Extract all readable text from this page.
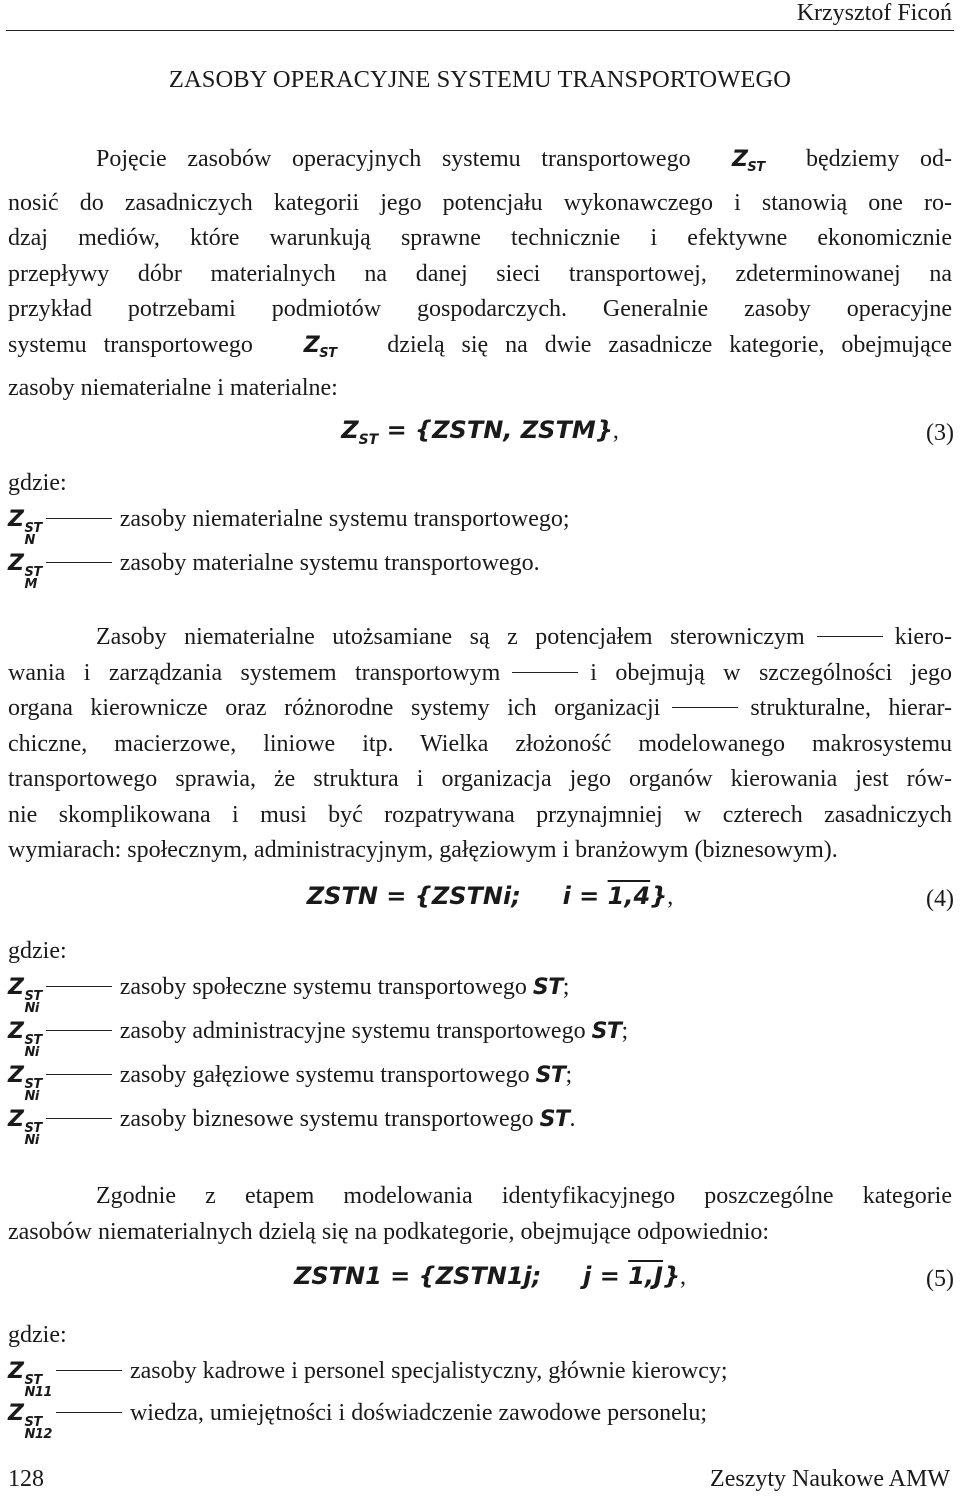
Krzysztof Ficoń
ZASOBY OPERACYJNE SYSTEMU TRANSPORTOWEGO
Pojęcie zasobów operacyjnych systemu transportowego $Z_{ST}$ będziemy od-
nosić do zasadniczych kategorii jego potencjału wykonawczego i stanowią one ro-
dzaj mediów, które warunkują sprawne technicznie i efektywne ekonomicznie
przepływy dóbr materialnych na danej sieci transportowej, zdeterminowanej na
przykład potrzebami podmiotów gospodarczych. Generalnie zasoby operacyjne
systemu transportowego $Z_{ST}$ dzielą się na dwie zasadnicze kategorie, obejmujące
zasoby niematerialne i materialne:
$Z_{ST}$ = {ZSTN, ZSTM},	(3)
gdzie:
Z ST
N
zasoby niematerialne systemu transportowego;
Z ST
M
zasoby materialne systemu transportowego.
Zasoby niematerialne utożsamiane są z potencjałem sterowniczym	kiero-
wania i zarządzania systemem transportowym	i obejmują w szczególności jego
organa kierownicze oraz różnorodne systemy ich organizacji	strukturalne, hierar-
chiczne, macierzowe, liniowe itp. Wielka złożoność modelowanego makrosystemu
transportowego sprawia, że struktura i organizacja jego organów kierowania jest rów-
nie skomplikowana i musi być rozpatrywana przynajmniej w czterech zasadniczych
wymiarach: społecznym, administracyjnym, gałęziowym i branżowym (biznesowym).
ZSTN = {ZSTNi;     i = 1,4},	(4)
gdzie:
Z ST
Ni
zasoby społeczne systemu transportowego ST;
Z ST
Ni
zasoby administracyjne systemu transportowego ST;
Z ST
Ni
zasoby gałęziowe systemu transportowego ST;
Z ST
Ni
zasoby biznesowe systemu transportowego ST.
Zgodnie z etapem modelowania identyfikacyjnego poszczególne kategorie
zasobów niematerialnych dzielą się na podkategorie, obejmujące odpowiednio:
ZSTN1 = {ZSTN1j;     j = 1,J},	(5)
gdzie:
Z ST
N11
zasoby kadrowe i personel specjalistyczny, głównie kierowcy;
Z ST
N12
wiedza, umiejętności i doświadczenie zawodowe personelu;
128	Zeszyty Naukowe AMW
